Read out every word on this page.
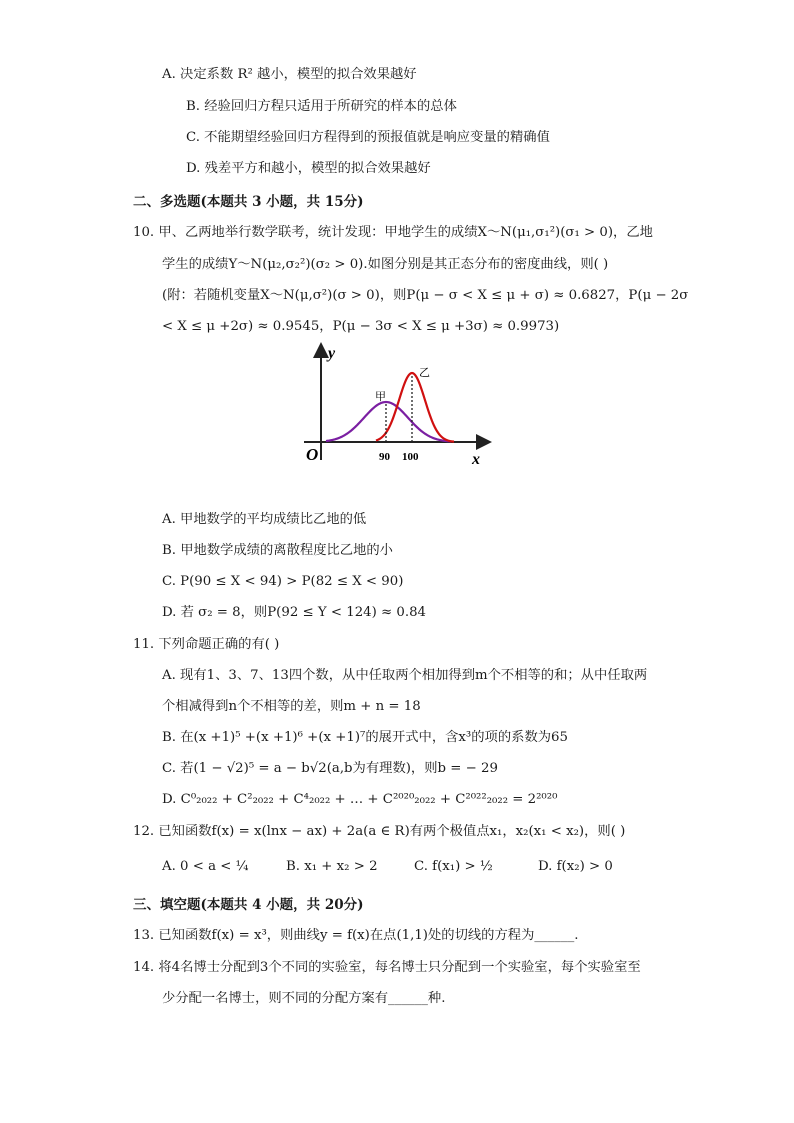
A. 决定系数 R² 越小，模型的拟合效果越好
B. 经验回归方程只适用于所研究的样本的总体
C. 不能期望经验回归方程得到的预报值就是响应变量的精确值
D. 残差平方和越小，模型的拟合效果越好
二、多选题(本题共 3 小题，共 15分)
10. 甲、乙两地举行数学联考，统计发现：甲地学生的成绩X～N(μ₁,σ₁²)(σ₁ > 0)，乙地
学生的成绩Y～N(μ₂,σ₂²)(σ₂ > 0).如图分别是其正态分布的密度曲线，则( )
(附：若随机变量X～N(μ,σ²)(σ > 0)，则P(μ − σ < X ≤ μ + σ) ≈ 0.6827，P(μ − 2σ
< X ≤ μ +2σ) ≈ 0.9545，P(μ − 3σ < X ≤ μ +3σ) ≈ 0.9973)
y
x
O
甲
乙
90 100
A. 甲地数学的平均成绩比乙地的低
B. 甲地数学成绩的离散程度比乙地的小
C. P(90 ≤ X < 94) > P(82 ≤ X < 90)
D. 若 σ₂ = 8，则P(92 ≤ Y < 124) ≈ 0.84
11. 下列命题正确的有( )
A. 现有1、3、7、13四个数，从中任取两个相加得到m个不相等的和；从中任取两
个相减得到n个不相等的差，则m + n = 18
B. 在(x +1)⁵ +(x +1)⁶ +(x +1)⁷的展开式中，含x³的项的系数为65
C. 若(1 − √2)⁵ = a − b√2(a,b为有理数)，则b = − 29
D. C⁰₂₀₂₂ + C²₂₀₂₂ + C⁴₂₀₂₂ + … + C²⁰²⁰₂₀₂₂ + C²⁰²²₂₀₂₂ = 2²⁰²⁰
12. 已知函数f(x) = x(lnx − ax) + 2a(a ∈ R)有两个极值点x₁，x₂(x₁ < x₂)，则( )
A. 0 < a < ¼	B. x₁ + x₂ > 2	C. f(x₁) > ½	D. f(x₂) > 0
三、填空题(本题共 4 小题，共 20分)
13. 已知函数f(x) = x³，则曲线y = f(x)在点(1,1)处的切线的方程为______.
14. 将4名博士分配到3个不同的实验室，每名博士只分配到一个实验室，每个实验室至
少分配一名博士，则不同的分配方案有______种.
